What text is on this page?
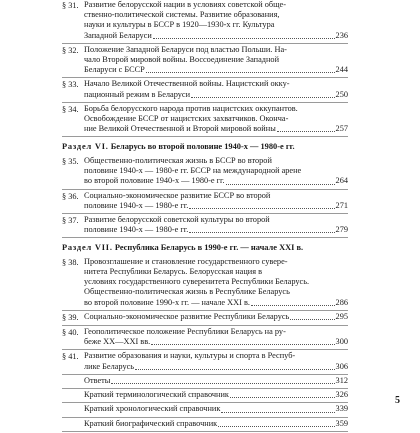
§ 31. Развитие белорусской нации в условиях советской обще-
ственно-политической системы. Развитие образования,
науки и культуры в БССР в 1920—1930-х гг. Культура
Западной Беларуси	236
§ 32. Положение Западной Беларуси под властью Польши. На-
чало Второй мировой войны. Воссоединение Западной
Беларуси с БССР	244
§ 33. Начало Великой Отечественной войны. Нацистский окку-
пационный режим в Беларуси	250
§ 34. Борьба белорусского народа против нацистских оккупантов.
Освобождение БССР от нацистских захватчиков. Оконча-
ние Великой Отечественной и Второй мировой войны	257
Раздел VI. Беларусь во второй половине 1940-х — 1980-е гг.
§ 35. Общественно-политическая жизнь в БССР во второй
половине 1940-х — 1980-е гг. БССР на международной арене
во второй половине 1940-х — 1980-е гг.	264
§ 36. Социально-экономическое развитие БССР во второй
половине 1940-х — 1980-е гг.	271
§ 37. Развитие белорусской советской культуры во второй
половине 1940-х — 1980-е гг.	279
Раздел VII. Республика Беларусь в 1990-е гг. — начале XXI в.
§ 38. Провозглашение и становление государственного сувере-
нитета Республики Беларусь. Белорусская нация в
условиях государственного суверенитета Республики Беларусь.
Общественно-политическая жизнь в Республике Беларусь
во второй половине 1990-х гг. — начале XXI в.	286
§ 39. Социально-экономическое развитие Республики Беларусь	295
§ 40. Геополитическое положение Республики Беларусь на ру-
беже XX—XXI вв.	300
§ 41. Развитие образования и науки, культуры и спорта в Респуб-
лике Беларусь	306
Ответы	312
Краткий терминологический справочник	326
Краткий хронологический справочник	339
Краткий биографический справочник	359
5
